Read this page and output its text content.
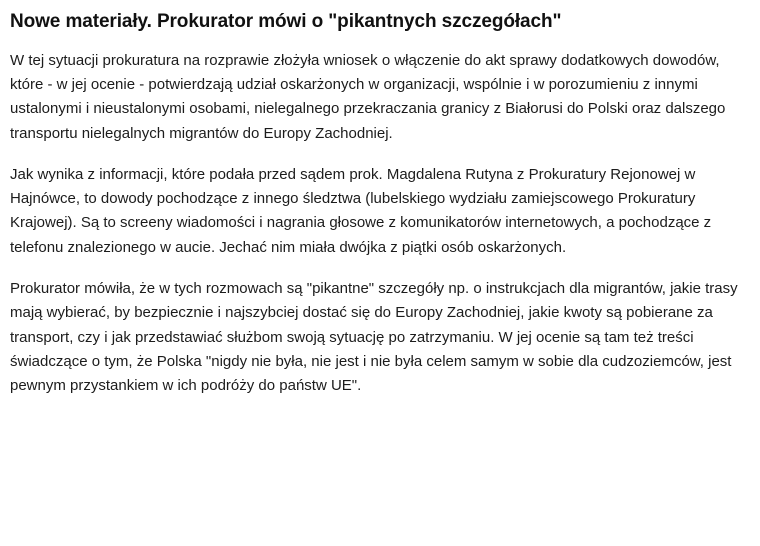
Nowe materiały. Prokurator mówi o "pikantnych szczegółach"

W tej sytuacji prokuratura na rozprawie złożyła wniosek o włączenie do akt sprawy dodatkowych dowodów, które - w jej ocenie - potwierdzają udział oskarżonych w organizacji, wspólnie i w porozumieniu z innymi ustalonymi i nieustalonymi osobami, nielegalnego przekraczania granicy z Białorusi do Polski oraz dalszego transportu nielegalnych migrantów do Europy Zachodniej.

Jak wynika z informacji, które podała przed sądem prok. Magdalena Rutyna z Prokuratury Rejonowej w Hajnówce, to dowody pochodzące z innego śledztwa (lubelskiego wydziału zamiejscowego Prokuratury Krajowej). Są to screeny wiadomości i nagrania głosowe z komunikatorów internetowych, a pochodzące z telefonu znalezionego w aucie. Jechać nim miała dwójka z piątki osób oskarżonych.

Prokurator mówiła, że w tych rozmowach są "pikantne" szczegóły np. o instrukcjach dla migrantów, jakie trasy mają wybierać, by bezpiecznie i najszybciej dostać się do Europy Zachodniej, jakie kwoty są pobierane za transport, czy i jak przedstawiać służbom swoją sytuację po zatrzymaniu. W jej ocenie są tam też treści świadczące o tym, że Polska "nigdy nie była, nie jest i nie była celem samym w sobie dla cudzoziemców, jest pewnym przystankiem w ich podróży do państw UE".
